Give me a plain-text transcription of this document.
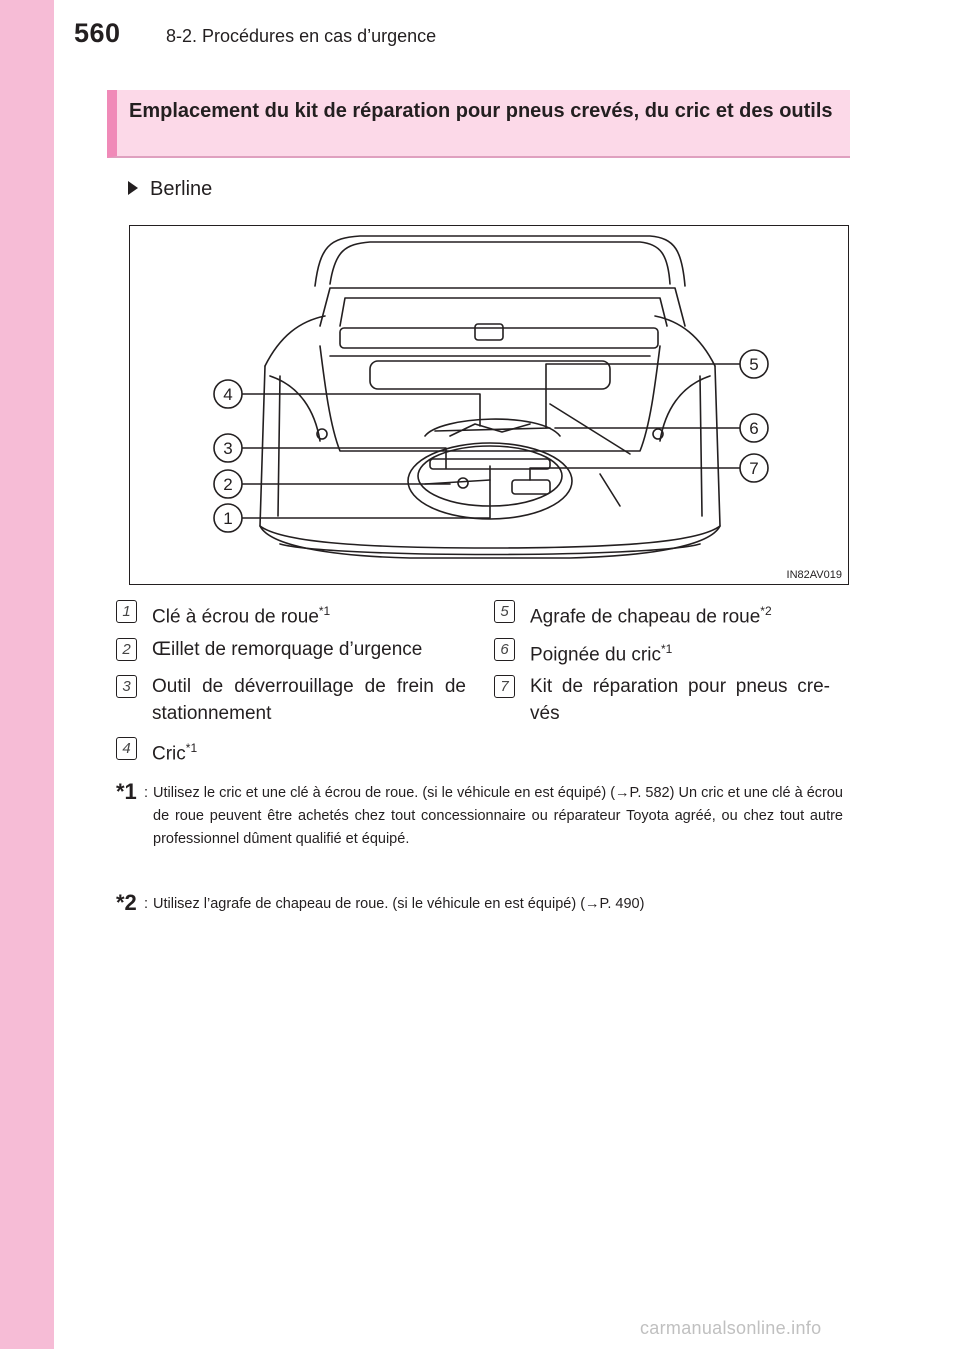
560	8-2. Procédures en cas d’urgence
Emplacement du kit de réparation pour pneus crevés, du cric et des outils
Berline
1
2
3
4
5
6
7
IN82AV019
1	Clé à écrou de roue$^{*1}$
2	Œillet de remorquage d’urgence
3	Outil de déverrouillage de frein de stationnement
4	Cric$^{*1}$
5	Agrafe de chapeau de roue$^{*2}$
6	Poignée du cric$^{*1}$
7	Kit de réparation pour pneus cre-vés
*1 : Utilisez le cric et une clé à écrou de roue. (si le véhicule en est équipé) (→P. 582) Un cric et une clé à écrou de roue peuvent être achetés chez tout concessionnaire ou réparateur Toyota agréé, ou chez tout autre professionnel dûment qualifié et équipé.
*2 : Utilisez l’agrafe de chapeau de roue. (si le véhicule en est équipé) (→P. 490)
carmanualsonline.info
